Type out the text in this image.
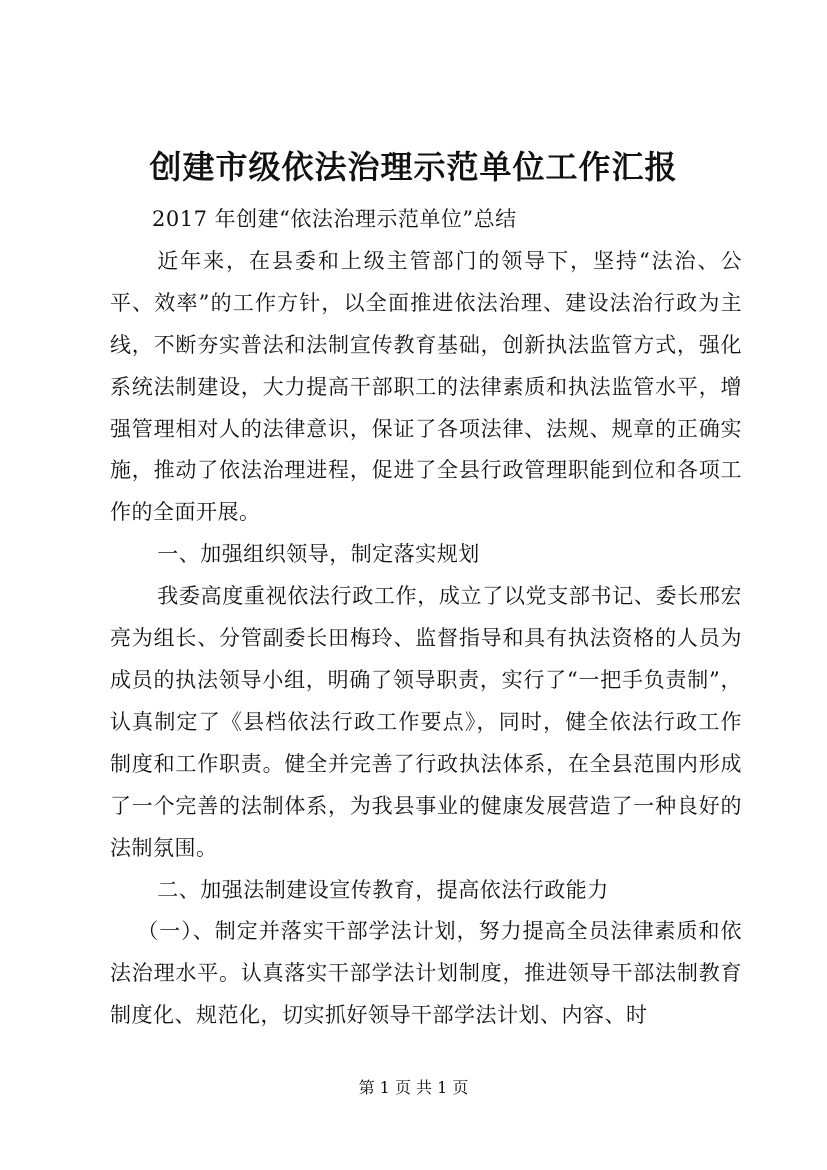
创建市级依法治理示范单位工作汇报

2017 年创建“依法治理示范单位”总结

近年来，在县委和上级主管部门的领导下，坚持“法治、公平、效率”的工作方针，以全面推进依法治理、建设法治行政为主线，不断夯实普法和法制宣传教育基础，创新执法监管方式，强化系统法制建设，大力提高干部职工的法律素质和执法监管水平，增强管理相对人的法律意识，保证了各项法律、法规、规章的正确实施，推动了依法治理进程，促进了全县行政管理职能到位和各项工作的全面开展。

一、加强组织领导，制定落实规划

我委高度重视依法行政工作，成立了以党支部书记、委长邢宏亮为组长、分管副委长田梅玲、监督指导和具有执法资格的人员为成员的执法领导小组，明确了领导职责，实行了“一把手负责制”，认真制定了《县档依法行政工作要点》，同时，健全依法行政工作制度和工作职责。健全并完善了行政执法体系，在全县范围内形成了一个完善的法制体系，为我县事业的健康发展营造了一种良好的法制氛围。

二、加强法制建设宣传教育，提高依法行政能力

（一）、制定并落实干部学法计划，努力提高全员法律素质和依法治理水平。认真落实干部学法计划制度，推进领导干部法制教育制度化、规范化，切实抓好领导干部学法计划、内容、时

第 1 页 共 1 页
